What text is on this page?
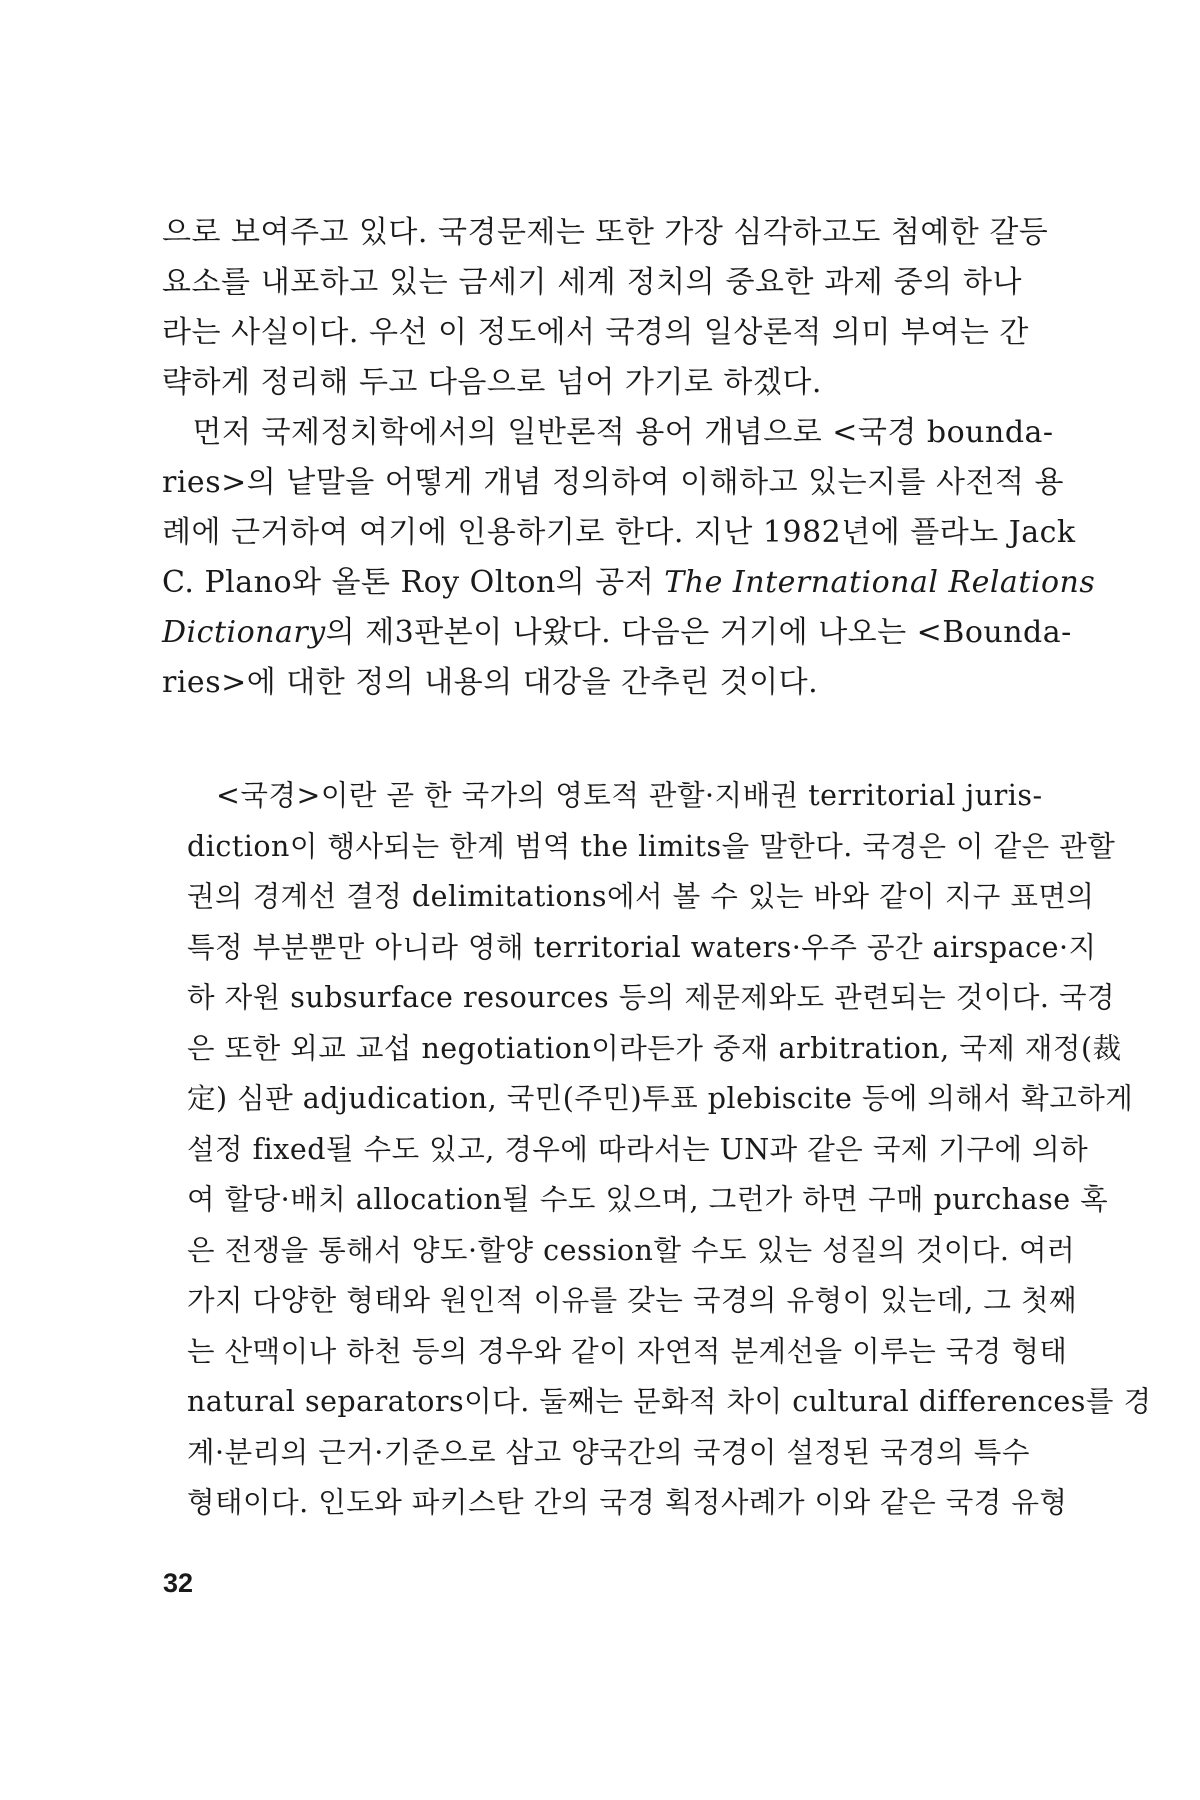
으로 보여주고 있다. 국경문제는 또한 가장 심각하고도 첨예한 갈등
요소를 내포하고 있는 금세기 세계 정치의 중요한 과제 중의 하나
라는 사실이다. 우선 이 정도에서 국경의 일상론적 의미 부여는 간
략하게 정리해 두고 다음으로 넘어 가기로 하겠다.
　먼저 국제정치학에서의 일반론적 용어 개념으로 <국경 bounda-
ries>의 낱말을 어떻게 개념 정의하여 이해하고 있는지를 사전적 용
례에 근거하여 여기에 인용하기로 한다. 지난 1982년에 플라노 Jack
C. Plano와 올톤 Roy Olton의 공저 The International Relations
Dictionary의 제3판본이 나왔다. 다음은 거기에 나오는 <Bounda-
ries>에 대한 정의 내용의 대강을 간추린 것이다.
　<국경>이란 곧 한 국가의 영토적 관할·지배권 territorial juris-
diction이 행사되는 한계 범역 the limits을 말한다. 국경은 이 같은 관할
권의 경계선 결정 delimitations에서 볼 수 있는 바와 같이 지구 표면의
특정 부분뿐만 아니라 영해 territorial waters·우주 공간 airspace·지
하 자원 subsurface resources 등의 제문제와도 관련되는 것이다. 국경
은 또한 외교 교섭 negotiation이라든가 중재 arbitration, 국제 재정(裁
定) 심판 adjudication, 국민(주민)투표 plebiscite 등에 의해서 확고하게
설정 fixed될 수도 있고, 경우에 따라서는 UN과 같은 국제 기구에 의하
여 할당·배치 allocation될 수도 있으며, 그런가 하면 구매 purchase 혹
은 전쟁을 통해서 양도·할양 cession할 수도 있는 성질의 것이다. 여러
가지 다양한 형태와 원인적 이유를 갖는 국경의 유형이 있는데, 그 첫째
는 산맥이나 하천 등의 경우와 같이 자연적 분계선을 이루는 국경 형태
natural separators이다. 둘째는 문화적 차이 cultural differences를 경
계·분리의 근거·기준으로 삼고 양국간의 국경이 설정된 국경의 특수
형태이다. 인도와 파키스탄 간의 국경 획정사례가 이와 같은 국경 유형
32
